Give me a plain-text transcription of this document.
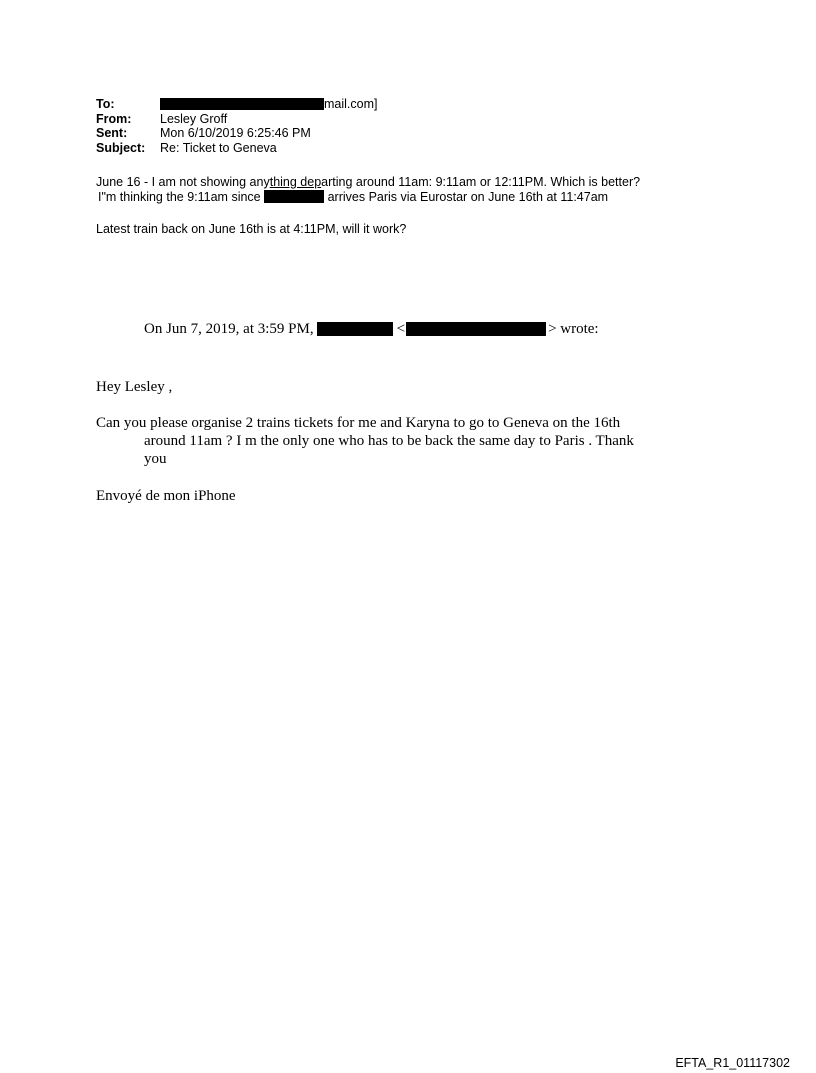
To:	mail.com]
From:	Lesley Groff
Sent:	Mon 6/10/2019 6:25:46 PM
Subject:	Re: Ticket to Geneva
June 16 - I am not showing anything departing around 11am: 9:11am or 12:11PM. Which is better?
I"m thinking the 9:11am since	arrives Paris via Eurostar on June 16th at 11:47am
Latest train back on June 16th is at 4:11PM, will it work?
On Jun 7, 2019, at 3:59 PM,	<	> wrote:
Hey Lesley ,
Can you please organise 2 trains tickets for me and Karyna to go to Geneva on the 16th
around 11am ? I m the only one who has to be back the same day to Paris . Thank
you
Envoyé de mon iPhone
EFTA_R1_01117302
